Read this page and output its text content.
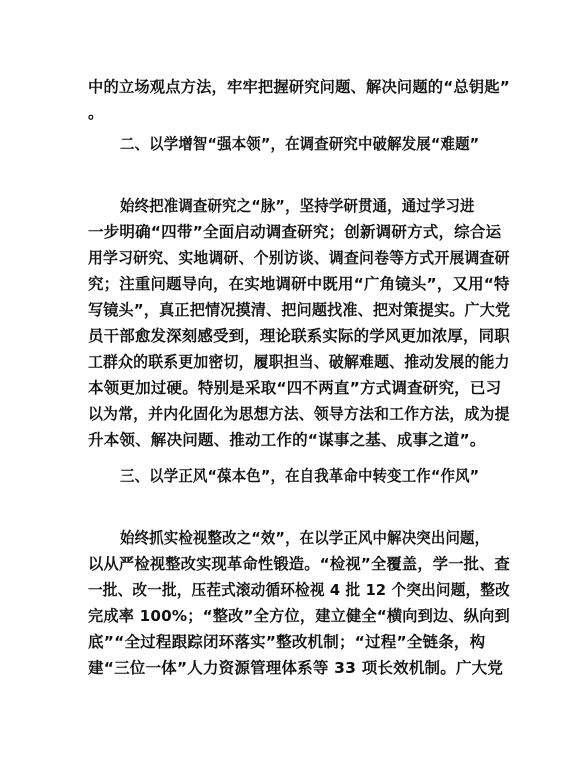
中的立场观点方法，牢牢把握研究问题、解决问题的“总钥匙”
。
二、以学增智“强本领”，在调查研究中破解发展“难题”
始终把准调查研究之“脉”，坚持学研贯通，通过学习进
一步明确“四带”全面启动调查研究；创新调研方式，综合运
用学习研究、实地调研、个别访谈、调查问卷等方式开展调查研
究；注重问题导向，在实地调研中既用“广角镜头”，又用“特
写镜头”，真正把情况摸清、把问题找准、把对策提实。广大党
员干部愈发深刻感受到，理论联系实际的学风更加浓厚，同职
工群众的联系更加密切，履职担当、破解难题、推动发展的能力
本领更加过硬。特别是采取“四不两直”方式调查研究，已习
以为常，并内化固化为思想方法、领导方法和工作方法，成为提
升本领、解决问题、推动工作的“谋事之基、成事之道”。
三、以学正风“葆本色”，在自我革命中转变工作“作风”
始终抓实检视整改之“效”，在以学正风中解决突出问题，
以从严检视整改实现革命性锻造。“检视”全覆盖，学一批、查
一批、改一批，压茬式滚动循环检视 4 批 12 个突出问题，整改
完成率 100%；“整改”全方位，建立健全“横向到边、纵向到
底”“全过程跟踪闭环落实”整改机制；“过程”全链条，构
建“三位一体”人力资源管理体系等 33 项长效机制。广大党
